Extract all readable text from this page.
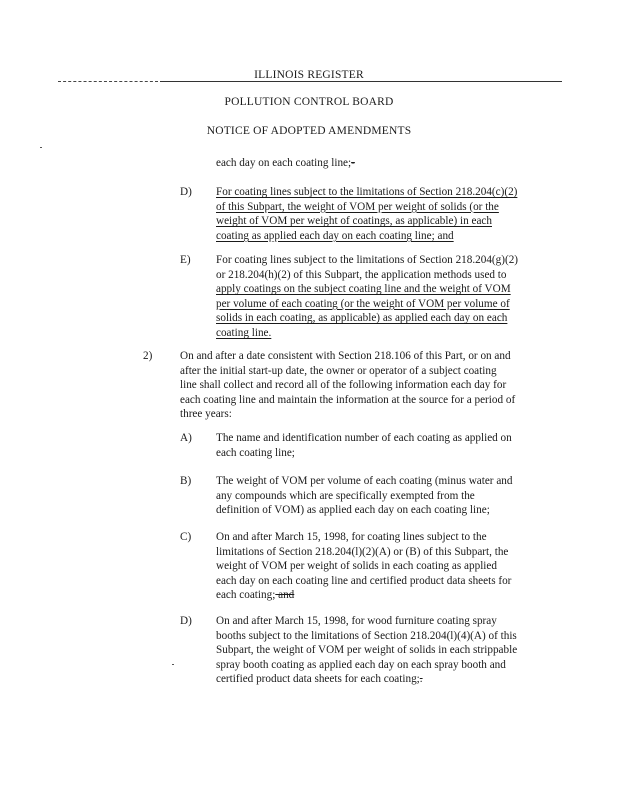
ILLINOIS REGISTER
POLLUTION CONTROL BOARD
NOTICE OF ADOPTED AMENDMENTS
each day on each coating line;-
D) For coating lines subject to the limitations of Section 218.204(c)(2)
of this Subpart, the weight of VOM per weight of solids (or the
weight of VOM per weight of coatings, as applicable) in each
coating as applied each day on each coating line; and
E) For coating lines subject to the limitations of Section 218.204(g)(2)
or 218.204(h)(2) of this Subpart, the application methods used to
apply coatings on the subject coating line and the weight of VOM
per volume of each coating (or the weight of VOM per volume of
solids in each coating, as applicable) as applied each day on each
coating line.
2) On and after a date consistent with Section 218.106 of this Part, or on and
after the initial start-up date, the owner or operator of a subject coating
line shall collect and record all of the following information each day for
each coating line and maintain the information at the source for a period of
three years:
A) The name and identification number of each coating as applied on
each coating line;
B) The weight of VOM per volume of each coating (minus water and
any compounds which are specifically exempted from the
definition of VOM) as applied each day on each coating line;
C) On and after March 15, 1998, for coating lines subject to the
limitations of Section 218.204(l)(2)(A) or (B) of this Subpart, the
weight of VOM per weight of solids in each coating as applied
each day on each coating line and certified product data sheets for
each coating; and
D) On and after March 15, 1998, for wood furniture coating spray
booths subject to the limitations of Section 218.204(l)(4)(A) of this
Subpart, the weight of VOM per weight of solids in each strippable
spray booth coating as applied each day on each spray booth and
certified product data sheets for each coating;.
